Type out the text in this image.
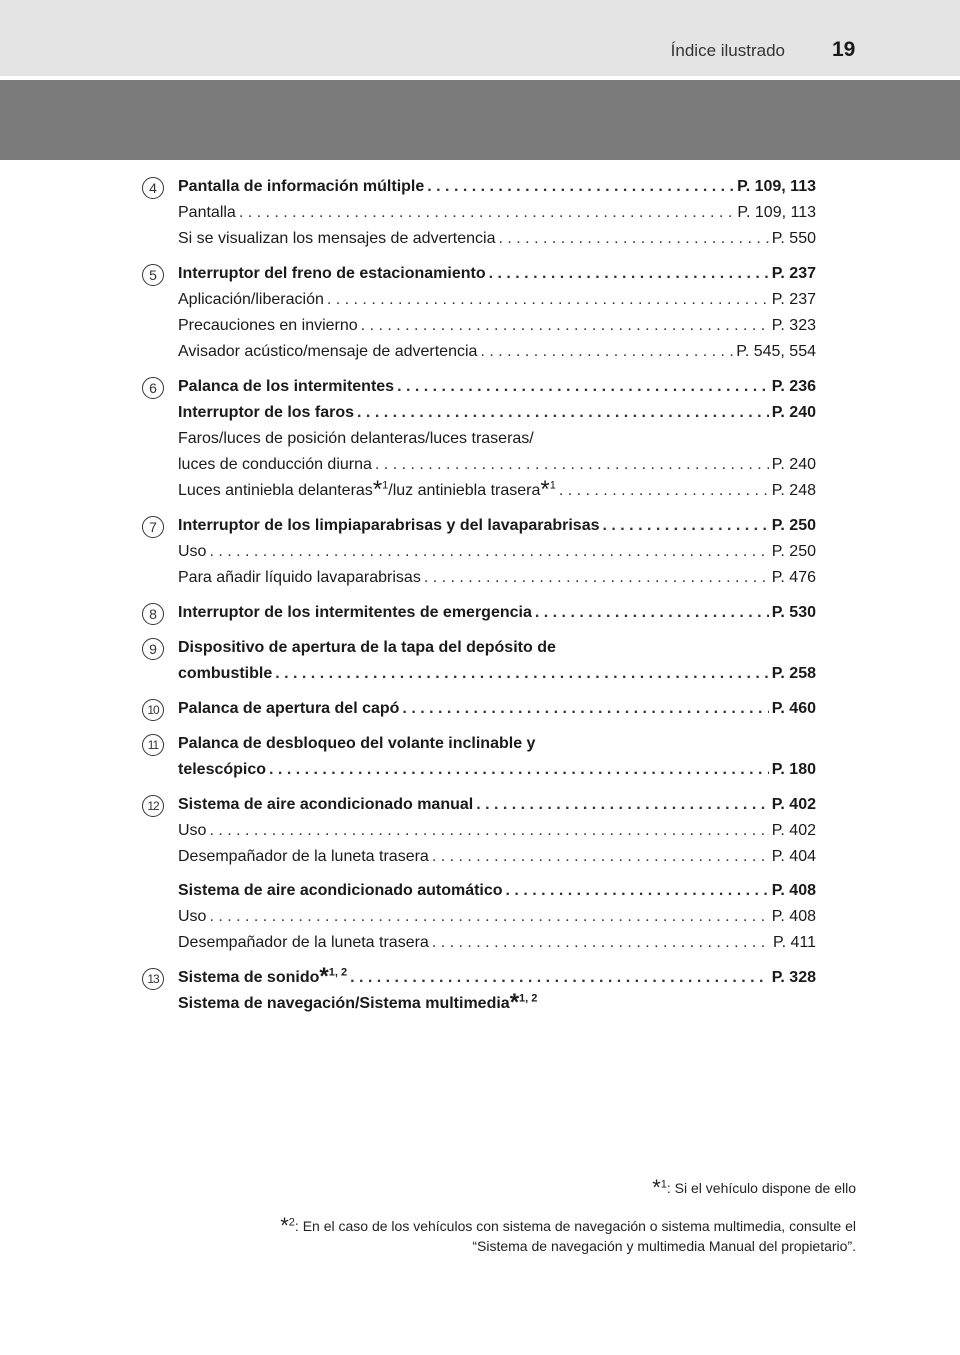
Índice ilustrado 19
4	Pantalla de información múltiple . . .	P. 109, 113
Pantalla . . .	P. 109, 113
Si se visualizan los mensajes de advertencia . . .	P. 550
5	Interruptor del freno de estacionamiento . . .	P. 237
Aplicación/liberación . . .	P. 237
Precauciones en invierno . . .	P. 323
Avisador acústico/mensaje de advertencia . . .	P. 545, 554
6	Palanca de los intermitentes . . .	P. 236
Interruptor de los faros . . .	P. 240
Faros/luces de posición delanteras/luces traseras/
luces de conducción diurna . . .	P. 240
Luces antiniebla delanteras*$^1$/luz antiniebla trasera*$^1$ . . .	P. 248
7	Interruptor de los limpiaparabrisas y del lavaparabrisas . . .	P. 250
Uso . . .	P. 250
Para añadir líquido lavaparabrisas . . .	P. 476
8	Interruptor de los intermitentes de emergencia . . .	P. 530
9	Dispositivo de apertura de la tapa del depósito de
combustible . . .	P. 258
10	Palanca de apertura del capó . . .	P. 460
11	Palanca de desbloqueo del volante inclinable y
telescópico . . .	P. 180
12	Sistema de aire acondicionado manual . . .	P. 402
Uso . . .	P. 402
Desempañador de la luneta trasera . . .	P. 404
Sistema de aire acondicionado automático . . .	P. 408
Uso . . .	P. 408
Desempañador de la luneta trasera . . .	P. 411
13	Sistema de sonido*$^{1, 2}$ . . .	P. 328
Sistema de navegación/Sistema multimedia*$^{1, 2}$
*$^1$: Si el vehículo dispone de ello
*$^2$: En el caso de los vehículos con sistema de navegación o sistema multimedia, consulte el
“Sistema de navegación y multimedia Manual del propietario”.
